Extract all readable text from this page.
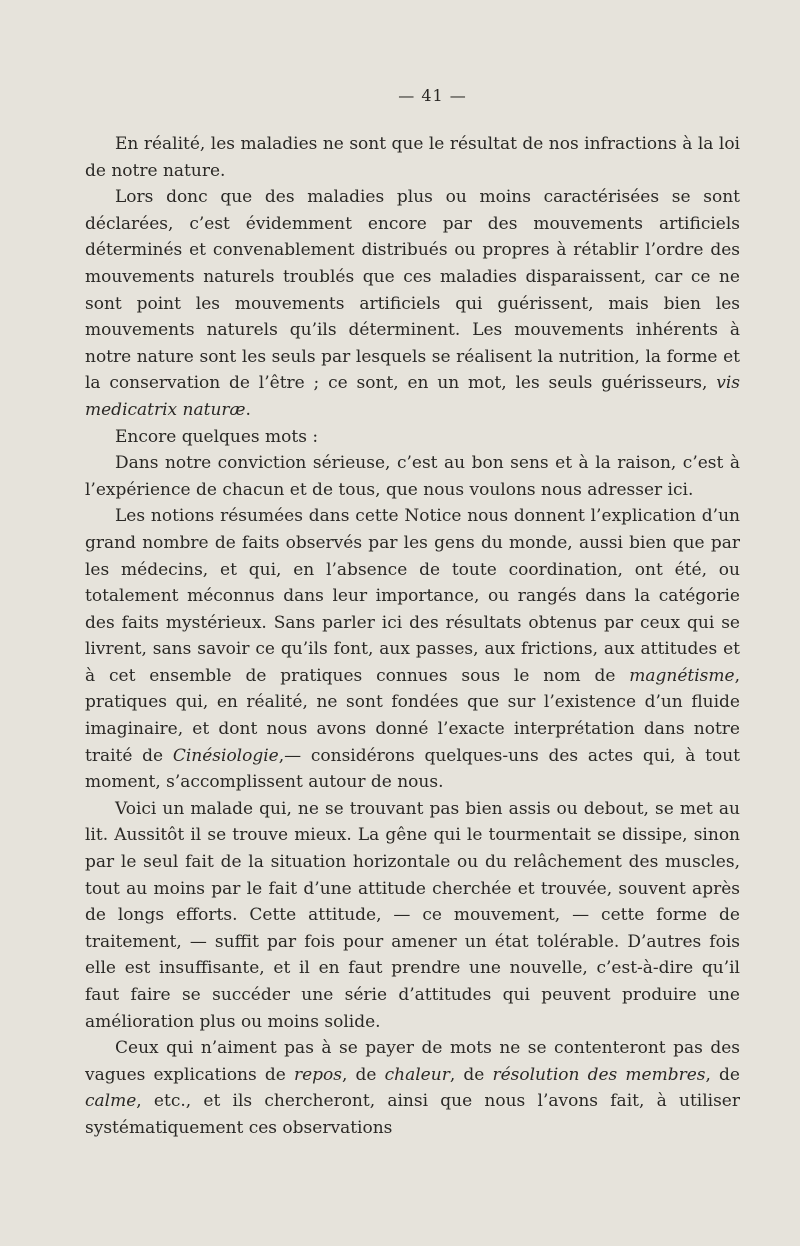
— 41 —

En réalité, les maladies ne sont que le résultat de nos infractions à la loi de notre nature.

Lors donc que des maladies plus ou moins caractérisées se sont déclarées, c’est évidemment encore par des mouvements artificiels déterminés et convenablement distribués ou propres à rétablir l’ordre des mouvements naturels troublés que ces maladies disparaissent, car ce ne sont point les mouvements artificiels qui guérissent, mais bien les mouvements naturels qu’ils déterminent. Les mouvements inhérents à notre nature sont les seuls par lesquels se réalisent la nutrition, la forme et la conservation de l’être ; ce sont, en un mot, les seuls guérisseurs, vis medicatrix naturæ.

Encore quelques mots :

Dans notre conviction sérieuse, c’est au bon sens et à la raison, c’est à l’expérience de chacun et de tous, que nous voulons nous adresser ici.

Les notions résumées dans cette Notice nous donnent l’explication d’un grand nombre de faits observés par les gens du monde, aussi bien que par les médecins, et qui, en l’absence de toute coordination, ont été, ou totalement méconnus dans leur importance, ou rangés dans la catégorie des faits mystérieux. Sans parler ici des résultats obtenus par ceux qui se livrent, sans savoir ce qu’ils font, aux passes, aux frictions, aux attitudes et à cet ensemble de pratiques connues sous le nom de magnétisme, pratiques qui, en réalité, ne sont fondées que sur l’existence d’un fluide imaginaire, et dont nous avons donné l’exacte interprétation dans notre traité de Cinésiologie,— considérons quelques-uns des actes qui, à tout moment, s’accomplissent autour de nous.

Voici un malade qui, ne se trouvant pas bien assis ou debout, se met au lit. Aussitôt il se trouve mieux. La gêne qui le tourmentait se dissipe, sinon par le seul fait de la situation horizontale ou du relâchement des muscles, tout au moins par le fait d’une attitude cherchée et trouvée, souvent après de longs efforts. Cette attitude, — ce mouvement, — cette forme de traitement, — suffit par fois pour amener un état tolérable. D’autres fois elle est insuffisante, et il en faut prendre une nouvelle, c’est-à-dire qu’il faut faire se succéder une série d’attitudes qui peuvent produire une amélioration plus ou moins solide.

Ceux qui n’aiment pas à se payer de mots ne se contenteront pas des vagues explications de repos, de chaleur, de résolution des membres, de calme, etc., et ils chercheront, ainsi que nous l’avons fait, à utiliser systématiquement ces observations
